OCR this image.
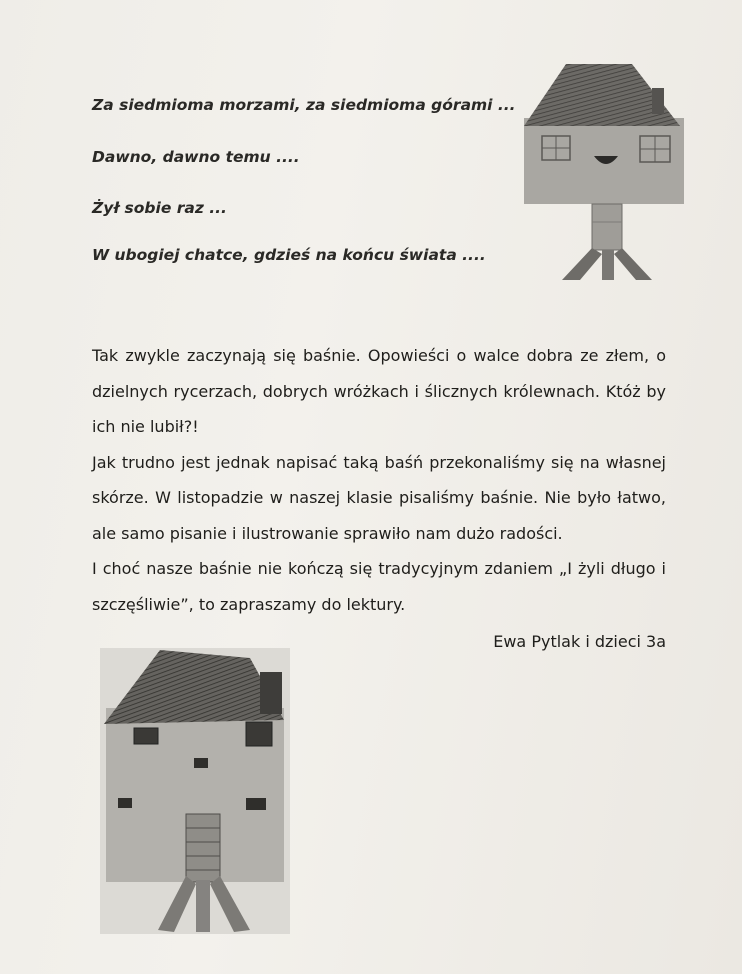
Za siedmioma morzami, za siedmioma górami ...
Dawno, dawno temu ....
Żył sobie raz ...
W ubogiej chatce, gdzieś na końcu świata ....

Tak zwykle zaczynają się baśnie. Opowieści o walce dobra ze złem, o dzielnych rycerzach, dobrych wróżkach i ślicznych królewnach. Któż by ich nie lubił?!

Jak trudno jest jednak napisać taką baśń przekonaliśmy się na własnej skórze. W listopadzie w naszej klasie pisaliśmy baśnie. Nie było łatwo, ale samo pisanie i ilustrowanie sprawiło nam dużo radości.

I choć nasze baśnie nie kończą się tradycyjnym zdaniem „I żyli długo i szczęśliwie”, to zapraszamy do lektury.

Ewa Pytlak i dzieci 3a
